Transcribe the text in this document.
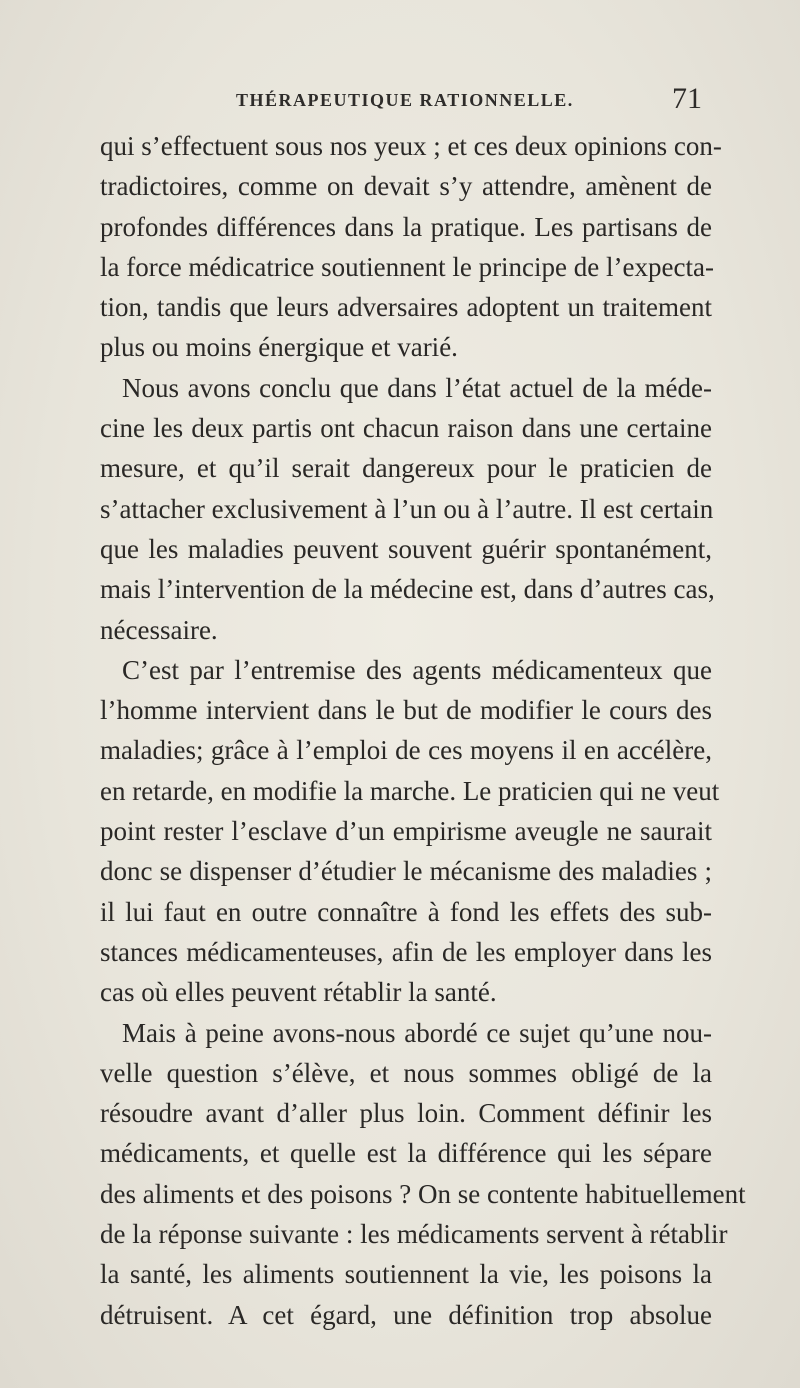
THÉRAPEUTIQUE RATIONNELLE.	71
qui s’effectuent sous nos yeux ; et ces deux opinions con-
tradictoires, comme on devait s’y attendre, amènent de
profondes différences dans la pratique. Les partisans de
la force médicatrice soutiennent le principe de l’expecta-
tion, tandis que leurs adversaires adoptent un traitement
plus ou moins énergique et varié.
Nous avons conclu que dans l’état actuel de la méde-
cine les deux partis ont chacun raison dans une certaine
mesure, et qu’il serait dangereux pour le praticien de
s’attacher exclusivement à l’un ou à l’autre. Il est certain
que les maladies peuvent souvent guérir spontanément,
mais l’intervention de la médecine est, dans d’autres cas,
nécessaire.
C’est par l’entremise des agents médicamenteux que
l’homme intervient dans le but de modifier le cours des
maladies; grâce à l’emploi de ces moyens il en accélère,
en retarde, en modifie la marche. Le praticien qui ne veut
point rester l’esclave d’un empirisme aveugle ne saurait
donc se dispenser d’étudier le mécanisme des maladies ;
il lui faut en outre connaître à fond les effets des sub-
stances médicamenteuses, afin de les employer dans les
cas où elles peuvent rétablir la santé.
Mais à peine avons-nous abordé ce sujet qu’une nou-
velle question s’élève, et nous sommes obligé de la
résoudre avant d’aller plus loin. Comment définir les
médicaments, et quelle est la différence qui les sépare
des aliments et des poisons ? On se contente habituellement
de la réponse suivante : les médicaments servent à rétablir
la santé, les aliments soutiennent la vie, les poisons la
détruisent. A cet égard, une définition trop absolue
